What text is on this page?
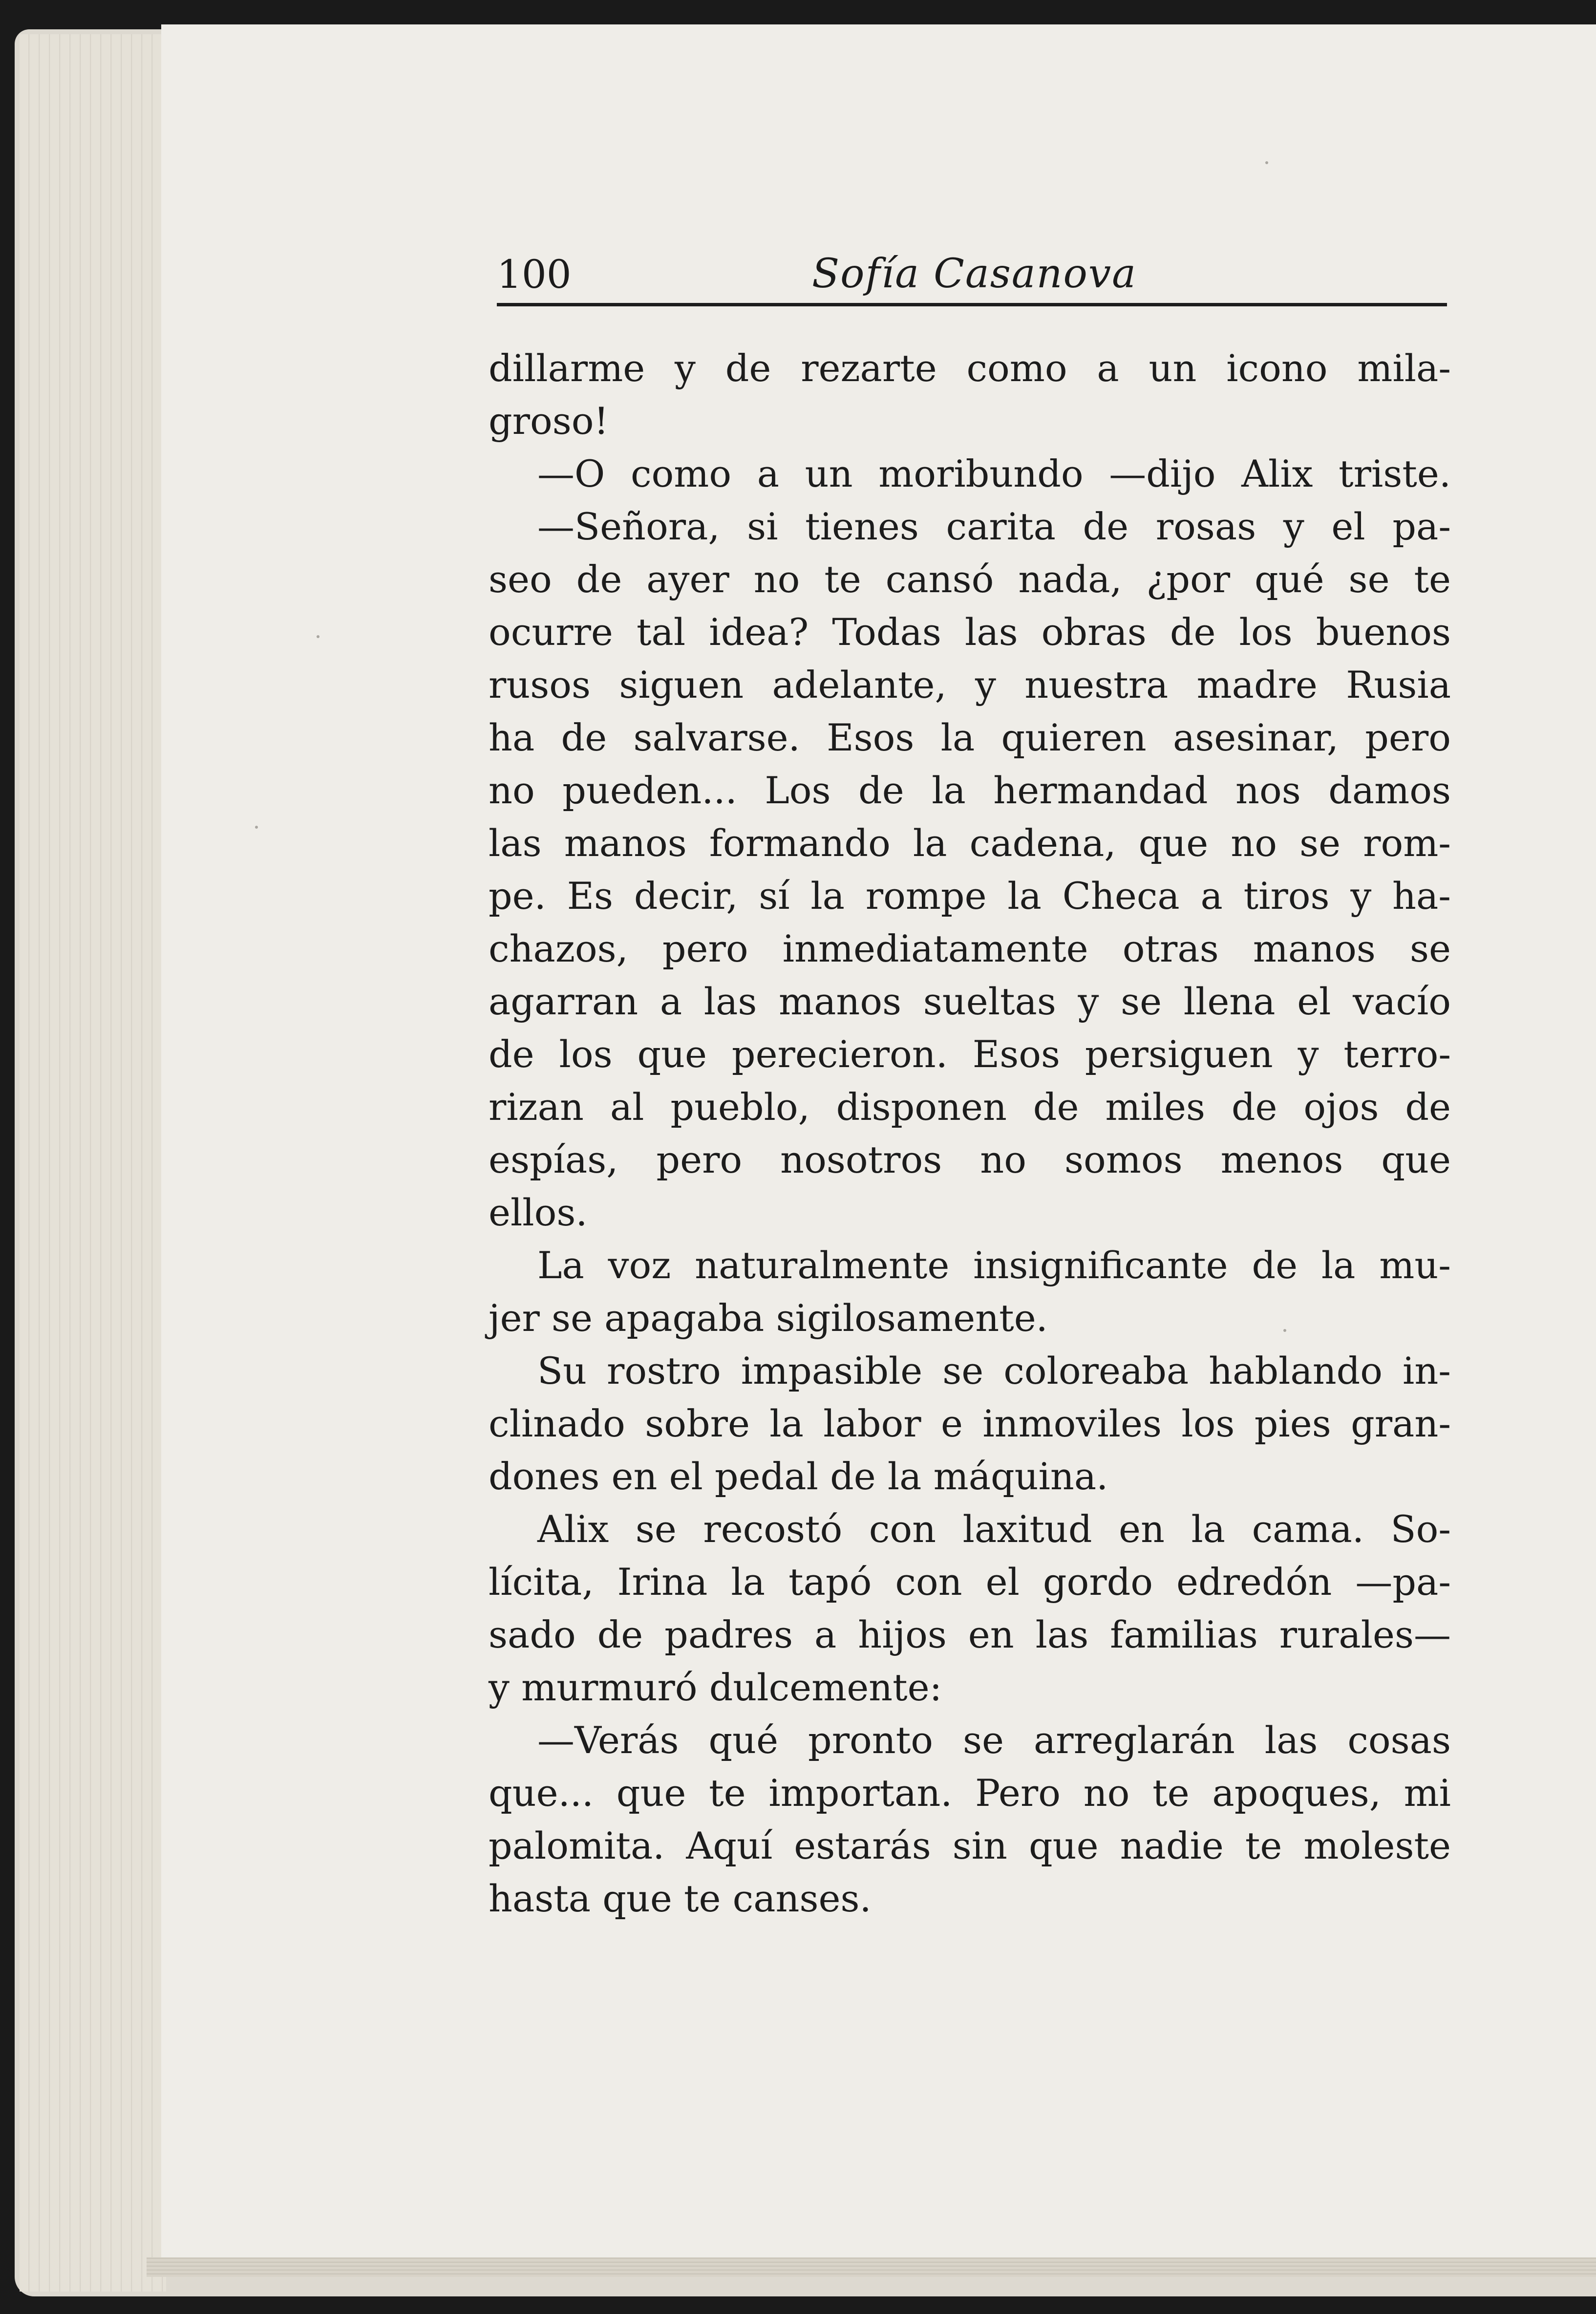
100	Sofía Casanova
dillarme y de rezarte como a un icono mila-
groso!
—O como a un moribundo —dijo Alix triste.
—Señora, si tienes carita de rosas y el pa-
seo de ayer no te cansó nada, ¿por qué se te
ocurre tal idea? Todas las obras de los buenos
rusos siguen adelante, y nuestra madre Rusia
ha de salvarse. Esos la quieren asesinar, pero
no pueden... Los de la hermandad nos damos
las manos formando la cadena, que no se rom-
pe. Es decir, sí la rompe la Checa a tiros y ha-
chazos, pero inmediatamente otras manos se
agarran a las manos sueltas y se llena el vacío
de los que perecieron. Esos persiguen y terro-
rizan al pueblo, disponen de miles de ojos de
espías, pero nosotros no somos menos que
ellos.
La voz naturalmente insignificante de la mu-
jer se apagaba sigilosamente.
Su rostro impasible se coloreaba hablando in-
clinado sobre la labor e inmoviles los pies gran-
dones en el pedal de la máquina.
Alix se recostó con laxitud en la cama. So-
lícita, Irina la tapó con el gordo edredón —pa-
sado de padres a hijos en las familias rurales—
y murmuró dulcemente:
—Verás qué pronto se arreglarán las cosas
que... que te importan. Pero no te apoques, mi
palomita. Aquí estarás sin que nadie te moleste
hasta que te canses.
